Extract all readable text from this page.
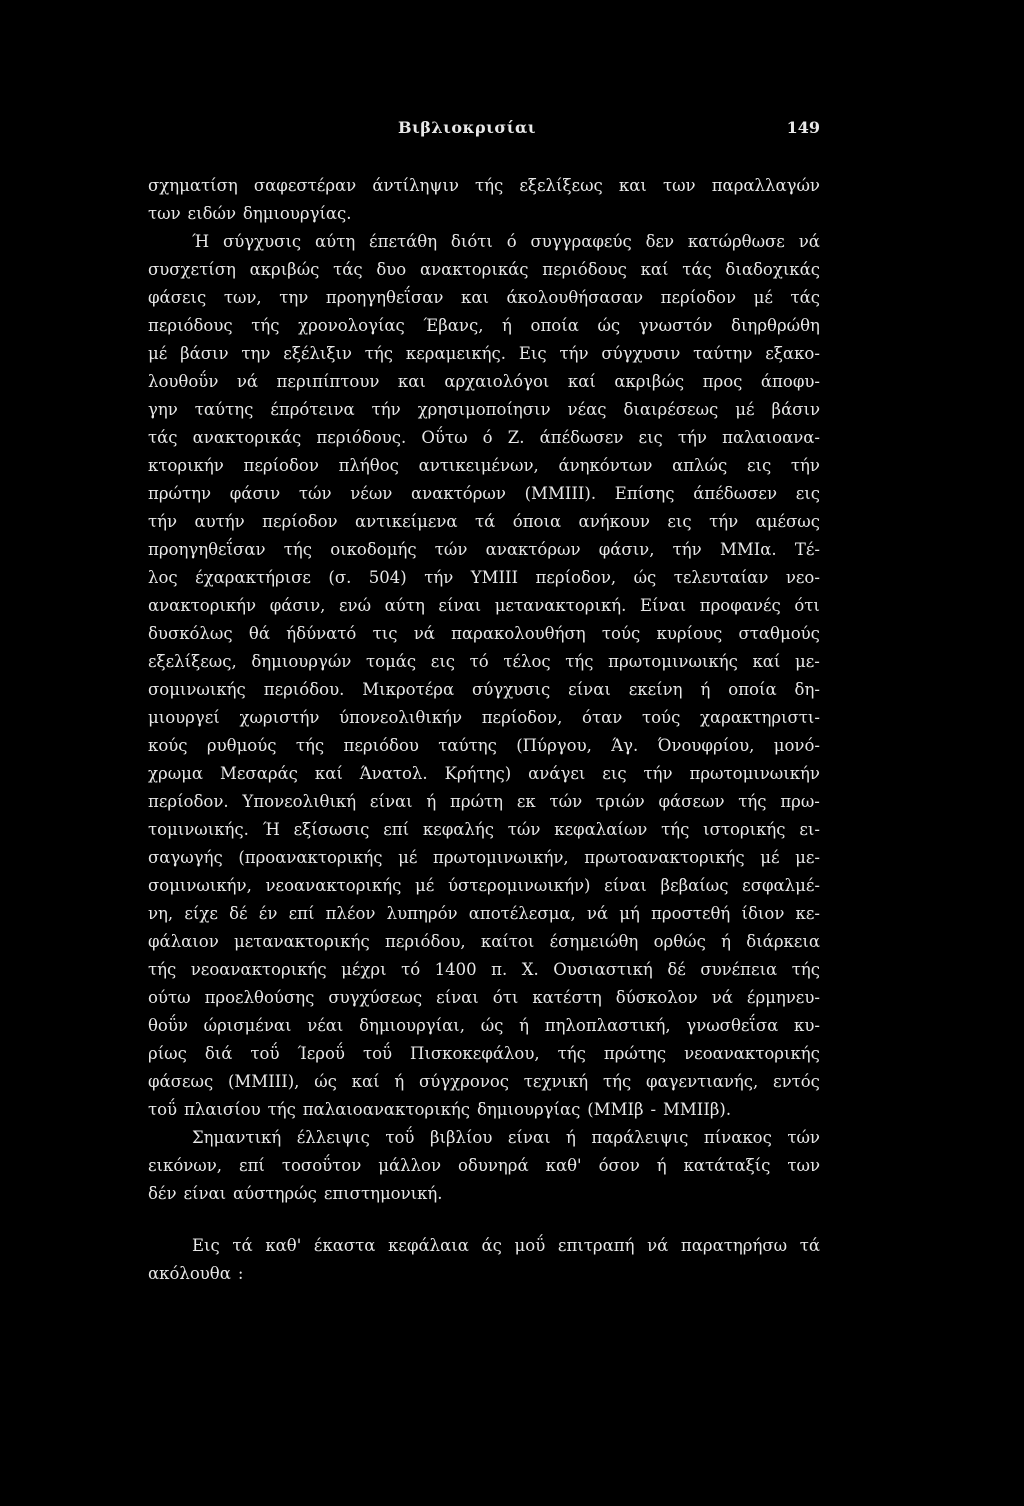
Βιβλιοκρισίαι	149
σχηματίση σαφεστέραν άντίληψιν τής εξελίξεως και των παραλλαγών
των ειδών δημιουργίας.
Ή σύγχυσις αύτη έπετάθη διότι ό συγγραφεύς δεν κατώρθωσε νά
συσχετίση ακριβώς τάς δυο ανακτορικάς περιόδους καί τάς διαδοχικάς
φάσεις των, την προηγηθεΐσαν και άκολουθήσασαν περίοδον μέ τάς
περιόδους τής χρονολογίας Έβανς, ή οποία ώς γνωστόν διηρθρώθη
μέ βάσιν την εξέλιξιν τής κεραμεικής. Εις τήν σύγχυσιν ταύτην εξακο-
λουθοΰν νά περιπίπτουν και αρχαιολόγοι καί ακριβώς προς άποφυ-
γην ταύτης έπρότεινα τήν χρησιμοποίησιν νέας διαιρέσεως μέ βάσιν
τάς ανακτορικάς περιόδους. Οΰτω ό Ζ. άπέδωσεν εις τήν παλαιοανα-
κτορικήν περίοδον πλήθος αντικειμένων, άνηκόντων απλώς εις τήν
πρώτην φάσιν τών νέων ανακτόρων (ΜΜΙΙΙ). Επίσης άπέδωσεν εις
τήν αυτήν περίοδον αντικείμενα τά όποια ανήκουν εις τήν αμέσως
προηγηθεΐσαν τής οικοδομής τών ανακτόρων φάσιν, τήν ΜΜΙα. Τέ-
λος έχαρακτήρισε (σ. 504) τήν ΥΜΙΙΙ περίοδον, ώς τελευταίαν νεο-
ανακτορικήν φάσιν, ενώ αύτη είναι μετανακτορική. Είναι προφανές ότι
δυσκόλως θά ήδύνατό τις νά παρακολουθήση τούς κυρίους σταθμούς
εξελίξεως, δημιουργών τομάς εις τό τέλος τής πρωτομινωικής καί με-
σομινωικής περιόδου. Μικροτέρα σύγχυσις είναι εκείνη ή οποία δη-
μιουργεί χωριστήν ύπονεολιθικήν περίοδον, όταν τούς χαρακτηριστι-
κούς ρυθμούς τής περιόδου ταύτης (Πύργου, Άγ. Όνουφρίου, μονό-
χρωμα Μεσαράς καί Άνατολ. Κρήτης) ανάγει εις τήν πρωτομινωικήν
περίοδον. Υπονεολιθική είναι ή πρώτη εκ τών τριών φάσεων τής πρω-
τομινωικής. Ή εξίσωσις επί κεφαλής τών κεφαλαίων τής ιστορικής ει-
σαγωγής (προανακτορικής μέ πρωτομινωικήν, πρωτοανακτορικής μέ με-
σομινωικήν, νεοανακτορικής μέ ύστερομινωικήν) είναι βεβαίως εσφαλμέ-
νη, είχε δέ έν επί πλέον λυπηρόν αποτέλεσμα, νά μή προστεθή ίδιον κε-
φάλαιον μετανακτορικής περιόδου, καίτοι έσημειώθη ορθώς ή διάρκεια
τής νεοανακτορικής μέχρι τό 1400 π. Χ. Ουσιαστική δέ συνέπεια τής
ούτω προελθούσης συγχύσεως είναι ότι κατέστη δύσκολον νά έρμηνευ-
θοΰν ώρισμέναι νέαι δημιουργίαι, ώς ή πηλοπλαστική, γνωσθεΐσα κυ-
ρίως διά τοΰ Ίεροΰ τοΰ Πισκοκεφάλου, τής πρώτης νεοανακτορικής
φάσεως (ΜΜΙΙΙ), ώς καί ή σύγχρονος τεχνική τής φαγεντιανής, εντός
τοΰ πλαισίου τής παλαιοανακτορικής δημιουργίας (ΜΜΙβ - ΜΜΙΙβ).
Σημαντική έλλειψις τοΰ βιβλίου είναι ή παράλειψις πίνακος τών
εικόνων, επί τοσοΰτον μάλλον οδυνηρά καθ' όσον ή κατάταξίς των
δέν είναι αύστηρώς επιστημονική.
Εις τά καθ' έκαστα κεφάλαια άς μοΰ επιτραπή νά παρατηρήσω τά
ακόλουθα :
